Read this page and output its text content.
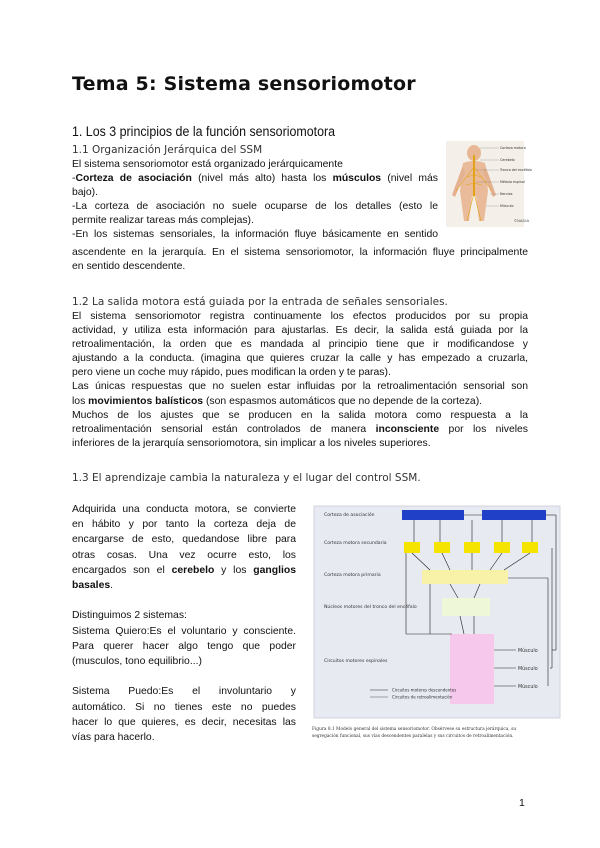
Tema 5: Sistema sensoriomotor
1. Los 3 principios de la función sensoriomotora
1.1 Organización Jerárquica del SSM
El sistema sensoriomotor está organizado jerárquicamente
-Corteza de asociación (nivel más alto) hasta los músculos (nivel más
bajo).
-La corteza de asociación no suele ocuparse de los detalles (esto le
permite realizar tareas más complejas).
-En los sistemas sensoriales, la información fluye básicamente en sentido
ascendente en la jerarquía. En el sistema sensoriomotor, la información fluye principalmente
en sentido descendente.
Corteza motora
Cerebelo
Tronco del encéfalo
Médula espinal
Nervios
Músculo
©NADIA
1.2 La salida motora está guiada por la entrada de señales sensoriales.
El sistema sensoriomotor registra continuamente los efectos producidos por su propia
actividad, y utiliza esta información para ajustarlas. Es decir, la salida está guiada por la
retroalimentación, la orden que es mandada al principio tiene que ir modificandose y
ajustando a la conducta. (imagina que quieres cruzar la calle y has empezado a cruzarla,
pero viene un coche muy rápido, pues modifican la orden y te paras).
Las únicas respuestas que no suelen estar influidas por la retroalimentación sensorial son
los movimientos balísticos (son espasmos automáticos que no depende de la corteza).
Muchos de los ajustes que se producen en la salida motora como respuesta a la
retroalimentación sensorial están controlados de manera inconsciente por los niveles
inferiores de la jerarquía sensoriomotora, sin implicar a los niveles superiores.
1.3 El aprendizaje cambia la naturaleza y el lugar del control SSM.
Adquirida una conducta motora, se convierte
en hábito y por tanto la corteza deja de
encargarse de esto, quedandose libre para
otras cosas. Una vez ocurre esto, los
encargados son el cerebelo y los ganglios
basales.

Distinguimos 2 sistemas:
Sistema Quiero:Es el voluntario y consciente.
Para querer hacer algo tengo que poder
(musculos, tono equilibrio...)

Sistema Puedo:Es el involuntario y
automático. Si no tienes este no puedes
hacer lo que quieres, es decir, necesitas las
vías para hacerlo.
Corteza de asociación
Corteza motora secundaria
Corteza motora primaria
Núcleos motores del tronco del encéfalo
Circuitos motores espinales
Músculo
Músculo
Músculo
Circuitos motores descendentes
Circuitos de retroalimentación
Figura 8.1 Modelo general del sistema sensoriomotor. Obsérvese su estructura jerárquica, su
segregación funcional, sus vías descendentes paralelas y sus circuitos de retroalimentación.
1
